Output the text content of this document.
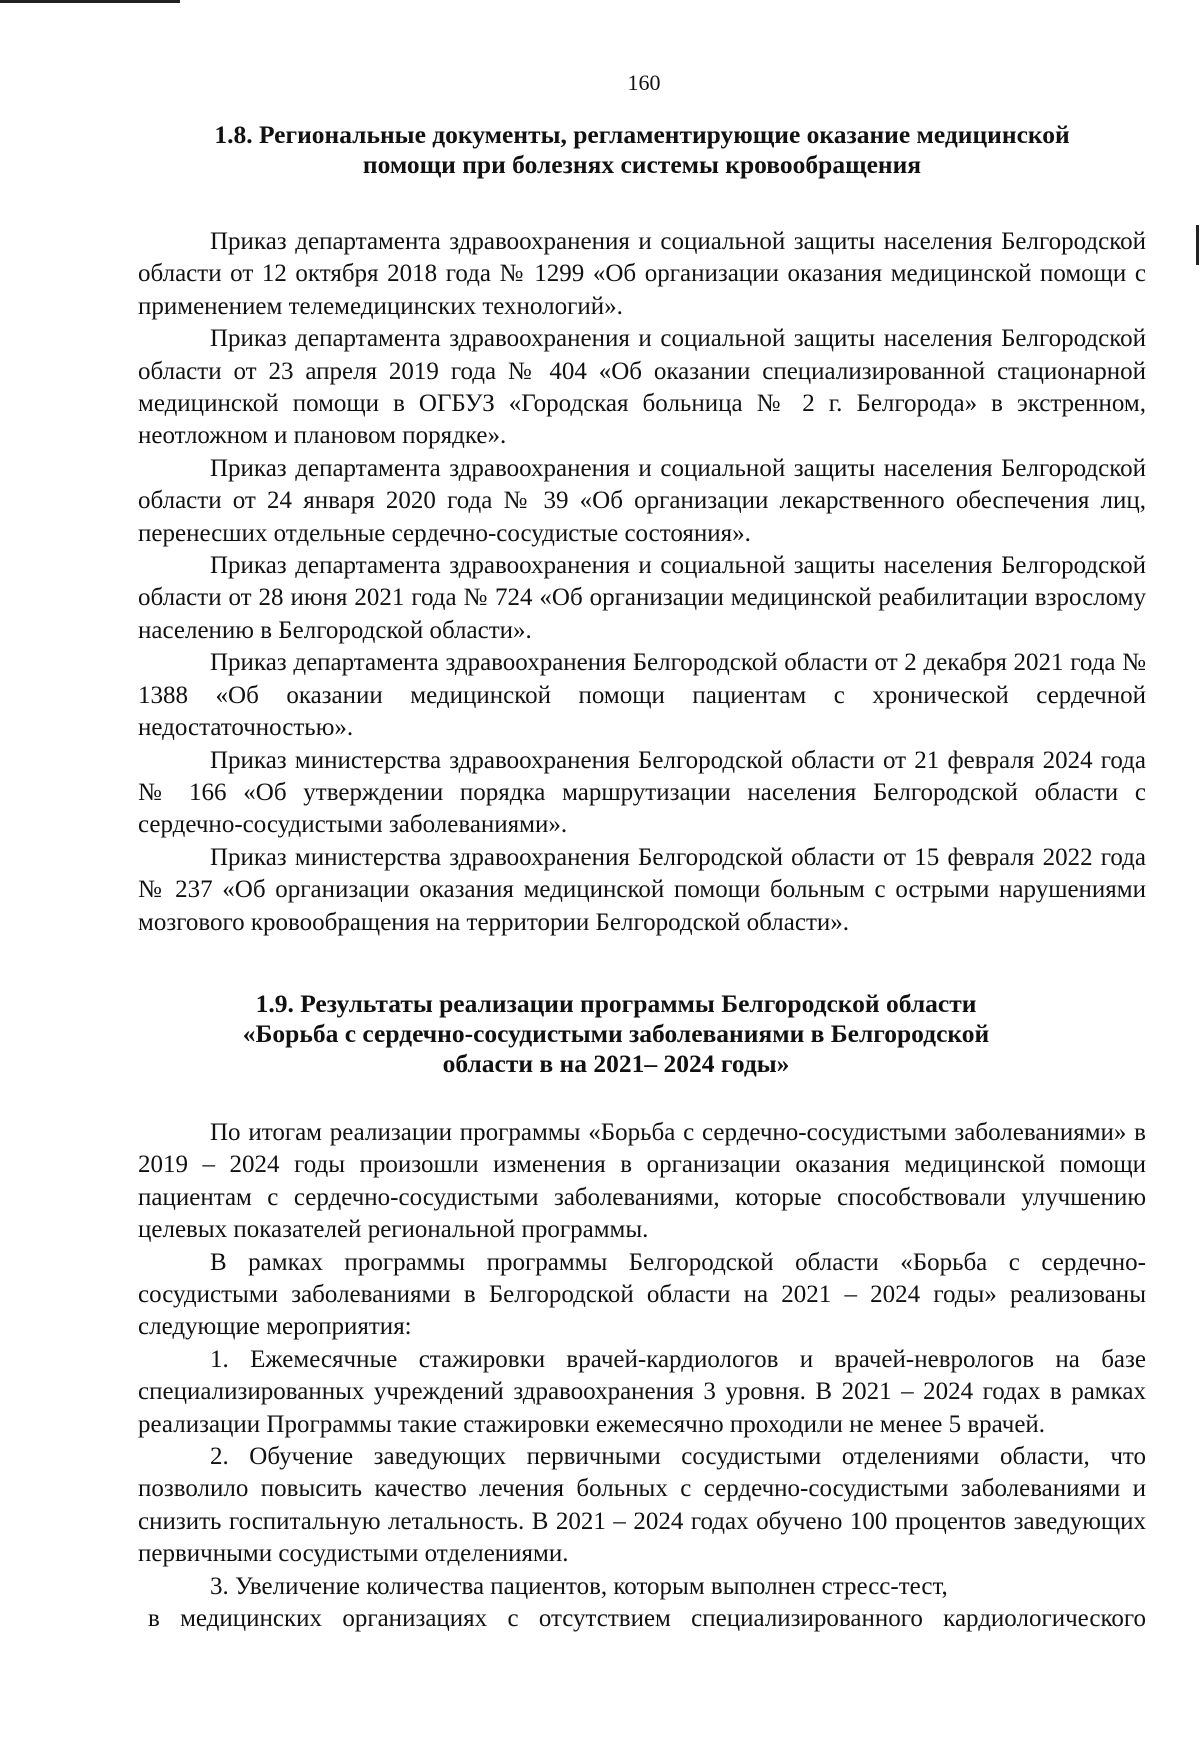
160
1.8. Региональные документы, регламентирующие оказание медицинской
помощи при болезнях системы кровообращения

Приказ департамента здравоохранения и социальной защиты населения Белгородской области от 12 октября 2018 года № 1299 «Об организации оказания медицинской помощи с применением телемедицинских технологий».

Приказ департамента здравоохранения и социальной защиты населения Белгородской области от 23 апреля 2019 года № 404 «Об оказании специализированной стационарной медицинской помощи в ОГБУЗ «Городская больница № 2 г. Белгорода» в экстренном, неотложном и плановом порядке».

Приказ департамента здравоохранения и социальной защиты населения Белгородской области от 24 января 2020 года № 39 «Об организации лекарственного обеспечения лиц, перенесших отдельные сердечно-сосудистые состояния».

Приказ департамента здравоохранения и социальной защиты населения Белгородской области от 28 июня 2021 года № 724 «Об организации медицинской реабилитации взрослому населению в Белгородской области».

Приказ департамента здравоохранения Белгородской области от 2 декабря 2021 года № 1388 «Об оказании медицинской помощи пациентам с хронической сердечной недостаточностью».

Приказ министерства здравоохранения Белгородской области от 21 февраля 2024 года № 166 «Об утверждении порядка маршрутизации населения Белгородской области с сердечно-сосудистыми заболеваниями».

Приказ министерства здравоохранения Белгородской области от 15 февраля 2022 года № 237 «Об организации оказания медицинской помощи больным с острыми нарушениями мозгового кровообращения на территории Белгородской области».

1.9. Результаты реализации программы Белгородской области
«Борьба с сердечно-сосудистыми заболеваниями в Белгородской
области в на 2021– 2024 годы»

По итогам реализации программы «Борьба с сердечно-сосудистыми заболеваниями» в 2019 – 2024 годы произошли изменения в организации оказания медицинской помощи пациентам с сердечно-сосудистыми заболеваниями, которые способствовали улучшению целевых показателей региональной программы.

В рамках программы программы Белгородской области «Борьба с сердечно-сосудистыми заболеваниями в Белгородской области на 2021 – 2024 годы» реализованы следующие мероприятия:

1. Ежемесячные стажировки врачей-кардиологов и врачей-неврологов на базе специализированных учреждений здравоохранения 3 уровня. В 2021 – 2024 годах в рамках реализации Программы такие стажировки ежемесячно проходили не менее 5 врачей.

2. Обучение заведующих первичными сосудистыми отделениями области, что позволило повысить качество лечения больных с сердечно-сосудистыми заболеваниями и снизить госпитальную летальность. В 2021 – 2024 годах обучено 100 процентов заведующих первичными сосудистыми отделениями.

3. Увеличение количества пациентов, которым выполнен стресс-тест,

в медицинских организациях с отсутствием специализированного кардиологического
